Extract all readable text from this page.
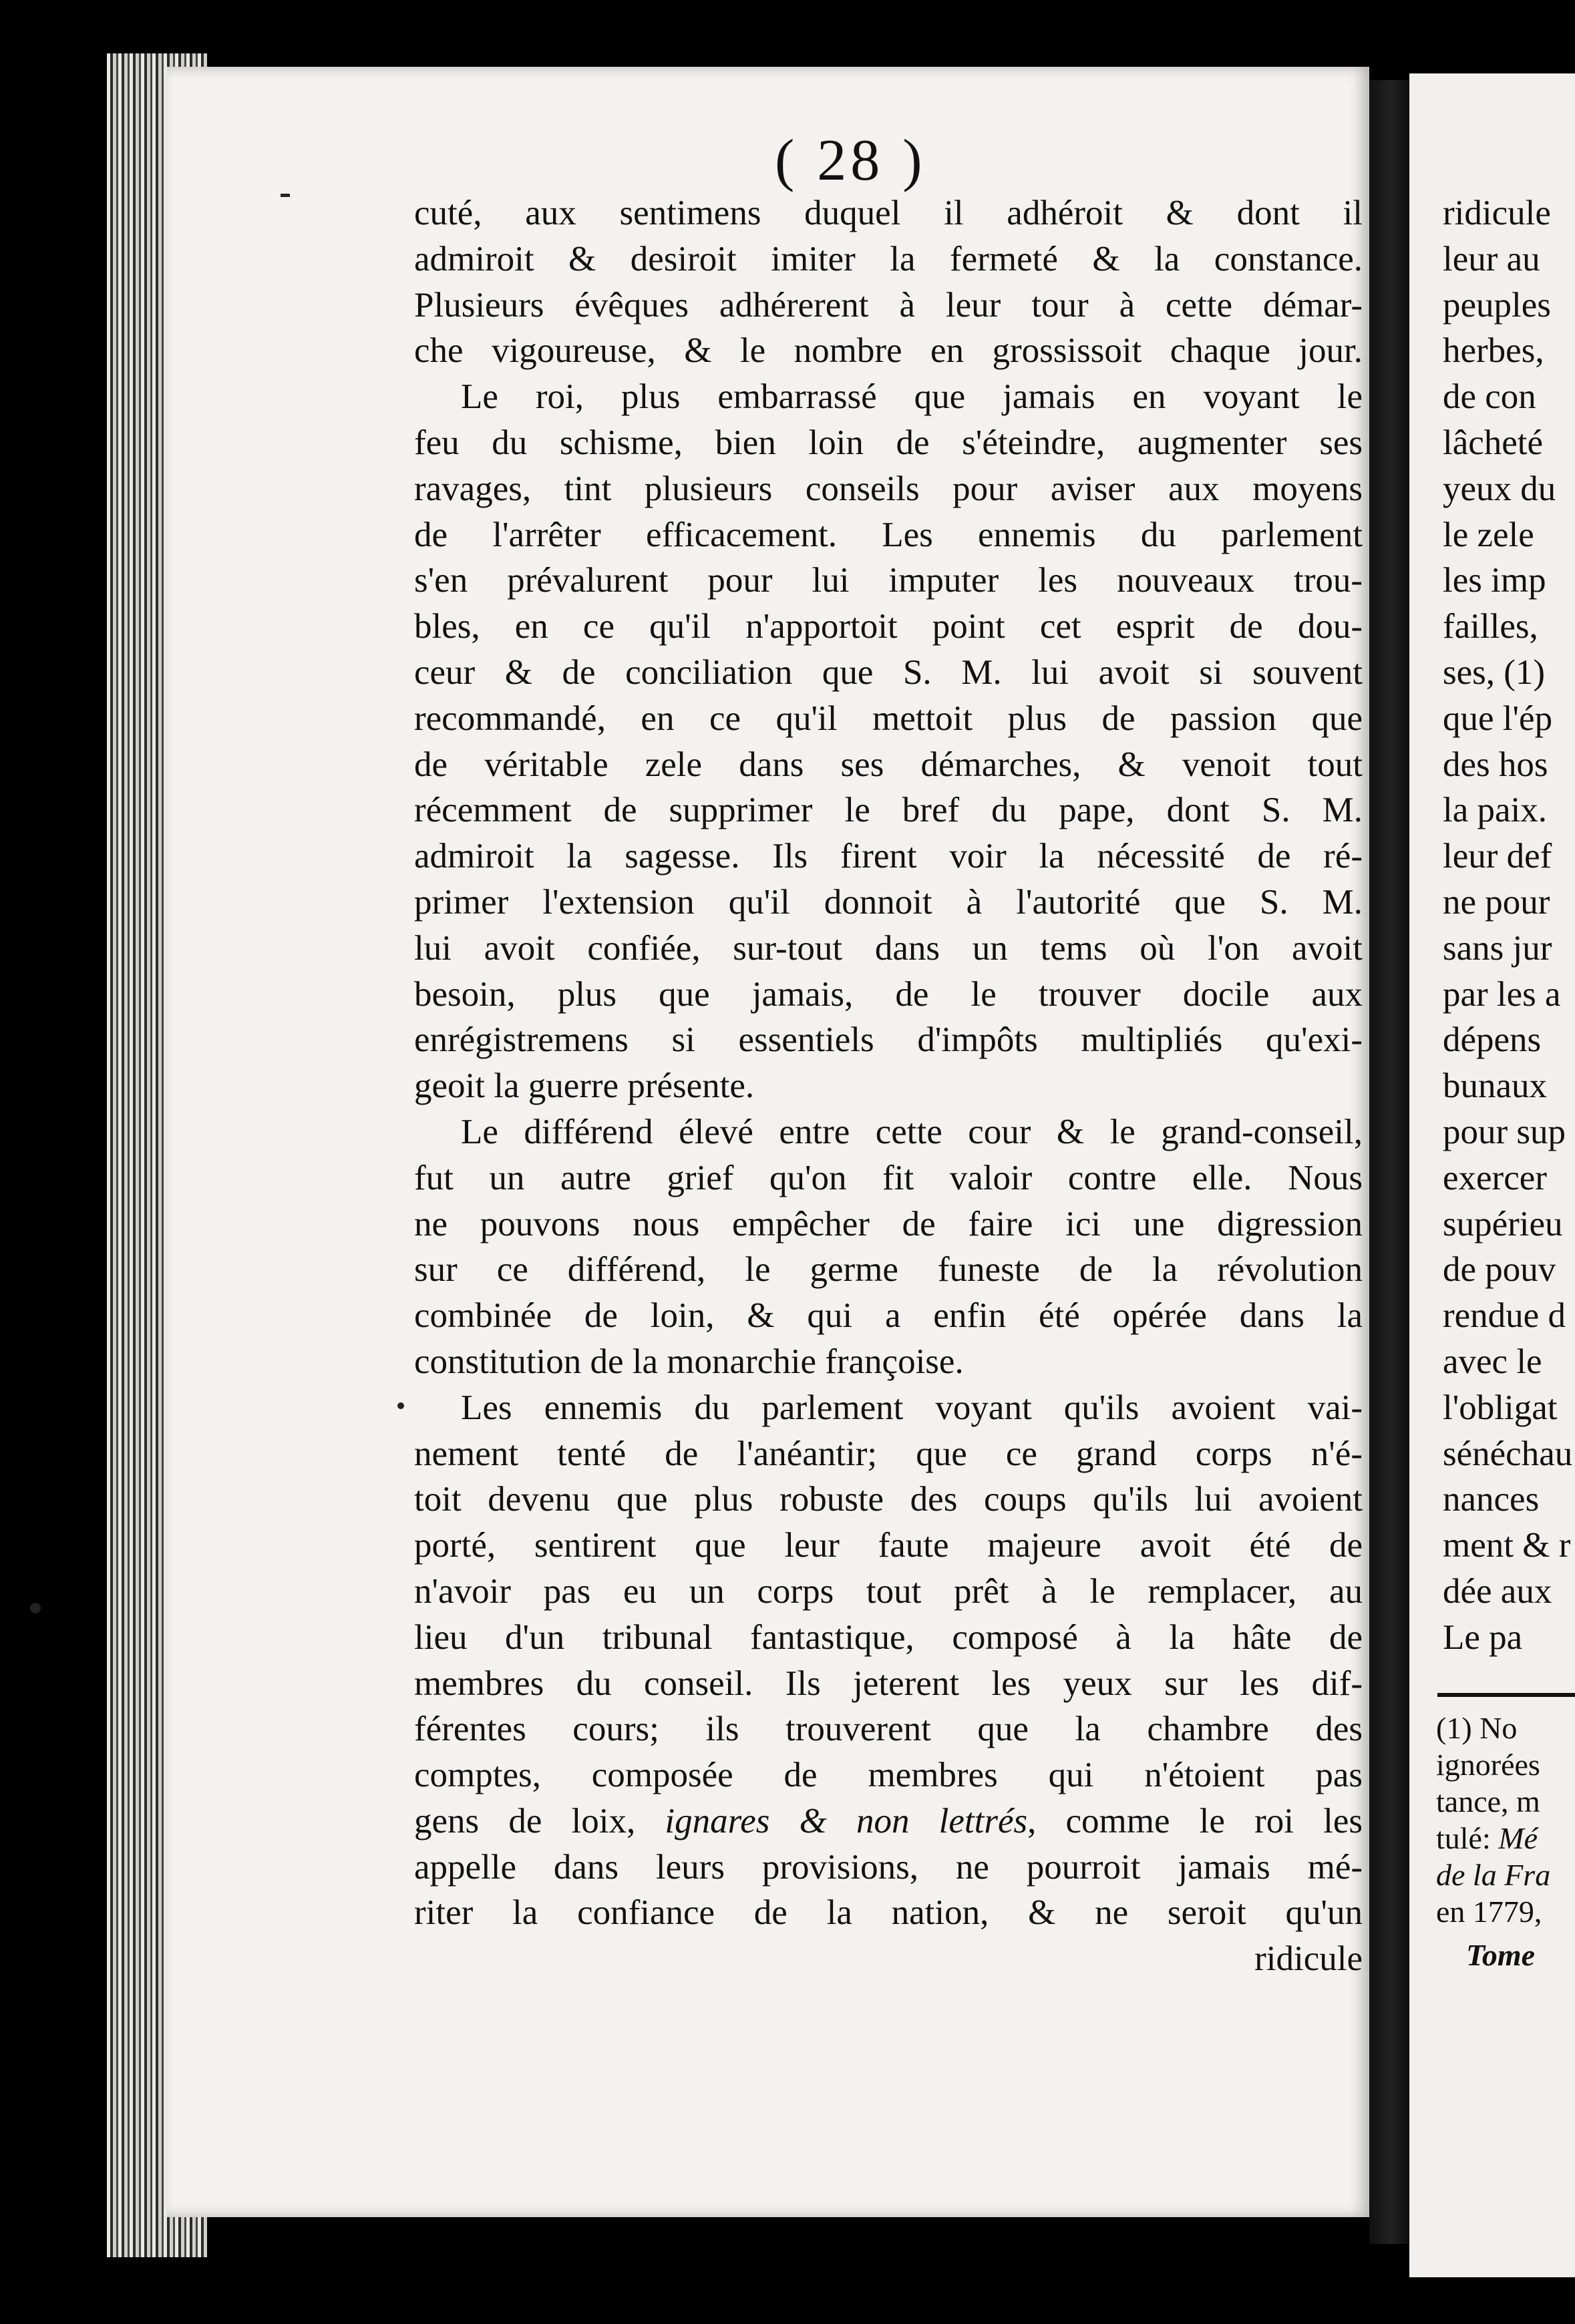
( 28 )
cuté, aux sentimens duquel il adhéroit & dont il
admiroit & desiroit imiter la fermeté & la constance.
Plusieurs évêques adhérerent à leur tour à cette démar-
che vigoureuse, & le nombre en grossissoit chaque jour.
Le roi, plus embarrassé que jamais en voyant le
feu du schisme, bien loin de s'éteindre, augmenter ses
ravages, tint plusieurs conseils pour aviser aux moyens
de l'arrêter efficacement. Les ennemis du parlement
s'en prévalurent pour lui imputer les nouveaux trou-
bles, en ce qu'il n'apportoit point cet esprit de dou-
ceur & de conciliation que S. M. lui avoit si souvent
recommandé, en ce qu'il mettoit plus de passion que
de véritable zele dans ses démarches, & venoit tout
récemment de supprimer le bref du pape, dont S. M.
admiroit la sagesse. Ils firent voir la nécessité de ré-
primer l'extension qu'il donnoit à l'autorité que S. M.
lui avoit confiée, sur-tout dans un tems où l'on avoit
besoin, plus que jamais, de le trouver docile aux
enrégistremens si essentiels d'impôts multipliés qu'exi-
geoit la guerre présente.
Le différend élevé entre cette cour & le grand-conseil,
fut un autre grief qu'on fit valoir contre elle. Nous
ne pouvons nous empêcher de faire ici une digression
sur ce différend, le germe funeste de la révolution
combinée de loin, & qui a enfin été opérée dans la
constitution de la monarchie françoise.
Les ennemis du parlement voyant qu'ils avoient vai-
nement tenté de l'anéantir; que ce grand corps n'é-
toit devenu que plus robuste des coups qu'ils lui avoient
porté, sentirent que leur faute majeure avoit été de
n'avoir pas eu un corps tout prêt à le remplacer, au
lieu d'un tribunal fantastique, composé à la hâte de
membres du conseil. Ils jeterent les yeux sur les dif-
férentes cours; ils trouverent que la chambre des
comptes, composée de membres qui n'étoient pas
gens de loix, ignares & non lettrés, comme le roi les
appelle dans leurs provisions, ne pourroit jamais mé-
riter la confiance de la nation, & ne seroit qu'un
ridicule
ridicule
leur au
peuples
herbes,
de con
lâcheté
yeux du
le zele
les imp
failles,
ses, (1)
que l'ép
des hos
la paix.
leur def
ne pour
sans jur
par les a
dépens
bunaux
pour sup
exercer
supérieu
de pouv
rendue d
avec le
l'obligat
sénéchau
nances
ment & r
dée aux
Le pa
(1) No
ignorées
tance, m
tulé: Mé
de la Fra
en 1779,
Tome
